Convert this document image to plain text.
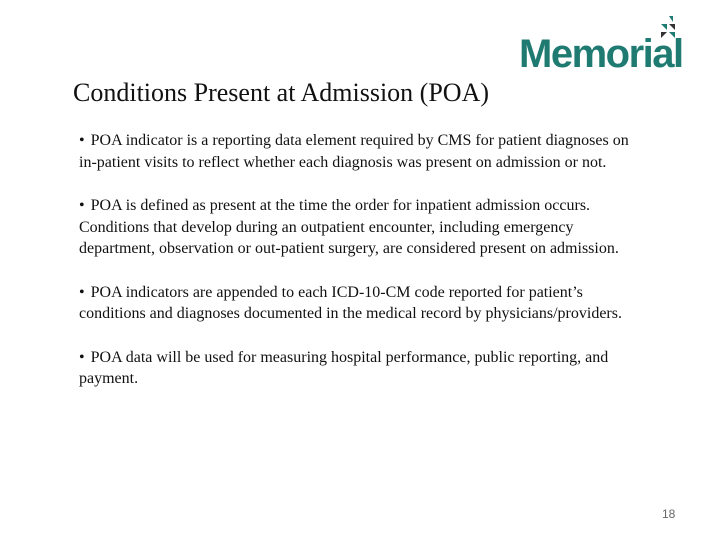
Memorial
Conditions Present at Admission (POA)

• POA indicator is a reporting data element required by CMS for patient diagnoses on in-patient visits to reflect whether each diagnosis was present on admission or not.

• POA is defined as present at the time the order for inpatient admission occurs. Conditions that develop during an outpatient encounter, including emergency department, observation or out-patient surgery, are considered present on admission.

• POA indicators are appended to each ICD-10-CM code reported for patient’s conditions and diagnoses documented in the medical record by physicians/providers.

• POA data will be used for measuring hospital performance, public reporting, and payment.

18
